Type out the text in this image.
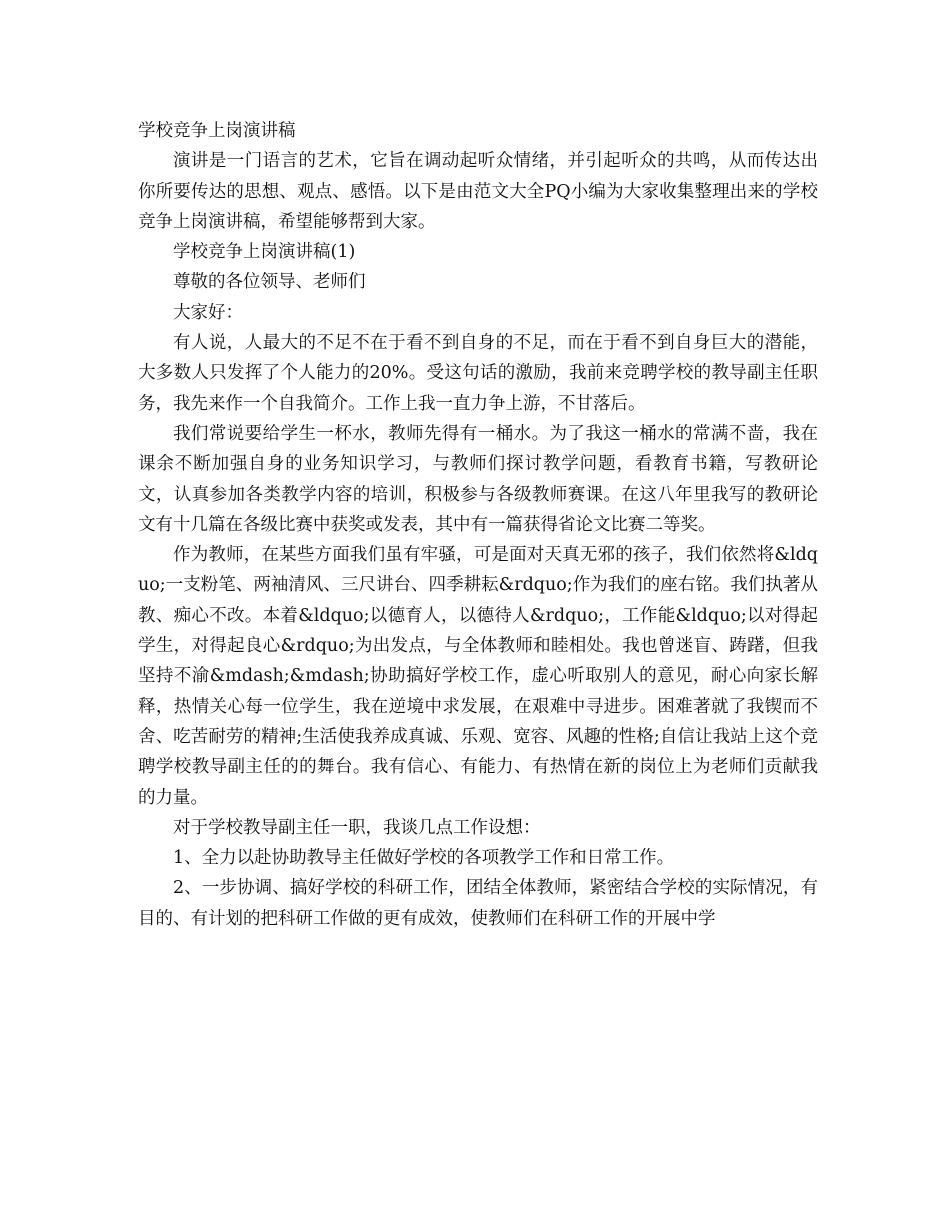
学校竞争上岗演讲稿

演讲是一门语言的艺术，它旨在调动起听众情绪，并引起听众的共鸣，从而传达出你所要传达的思想、观点、感悟。以下是由范文大全PQ小编为大家收集整理出来的学校竞争上岗演讲稿，希望能够帮到大家。

学校竞争上岗演讲稿(1)

尊敬的各位领导、老师们

大家好：

有人说，人最大的不足不在于看不到自身的不足，而在于看不到自身巨大的潜能，大多数人只发挥了个人能力的20%。受这句话的激励，我前来竞聘学校的教导副主任职务，我先来作一个自我简介。工作上我一直力争上游，不甘落后。

我们常说要给学生一杯水，教师先得有一桶水。为了我这一桶水的常满不啬，我在课余不断加强自身的业务知识学习，与教师们探讨教学问题，看教育书籍，写教研论文，认真参加各类教学内容的培训，积极参与各级教师赛课。在这八年里我写的教研论文有十几篇在各级比赛中获奖或发表，其中有一篇获得省论文比赛二等奖。

作为教师，在某些方面我们虽有牢骚，可是面对天真无邪的孩子，我们依然将&ldquo;一支粉笔、两袖清风、三尺讲台、四季耕耘&rdquo;作为我们的座右铭。我们执著从教、痴心不改。本着&ldquo;以德育人，以德待人&rdquo;，工作能&ldquo;以对得起学生，对得起良心&rdquo;为出发点，与全体教师和睦相处。我也曾迷盲、踌躇，但我坚持不渝&mdash;&mdash;协助搞好学校工作，虚心听取别人的意见，耐心向家长解释，热情关心每一位学生，我在逆境中求发展，在艰难中寻进步。困难著就了我锲而不舍、吃苦耐劳的精神;生活使我养成真诚、乐观、宽容、风趣的性格;自信让我站上这个竞聘学校教导副主任的的舞台。我有信心、有能力、有热情在新的岗位上为老师们贡献我的力量。

对于学校教导副主任一职，我谈几点工作设想：

1、全力以赴协助教导主任做好学校的各项教学工作和日常工作。

2、一步协调、搞好学校的科研工作，团结全体教师，紧密结合学校的实际情况，有目的、有计划的把科研工作做的更有成效，使教师们在科研工作的开展中学
